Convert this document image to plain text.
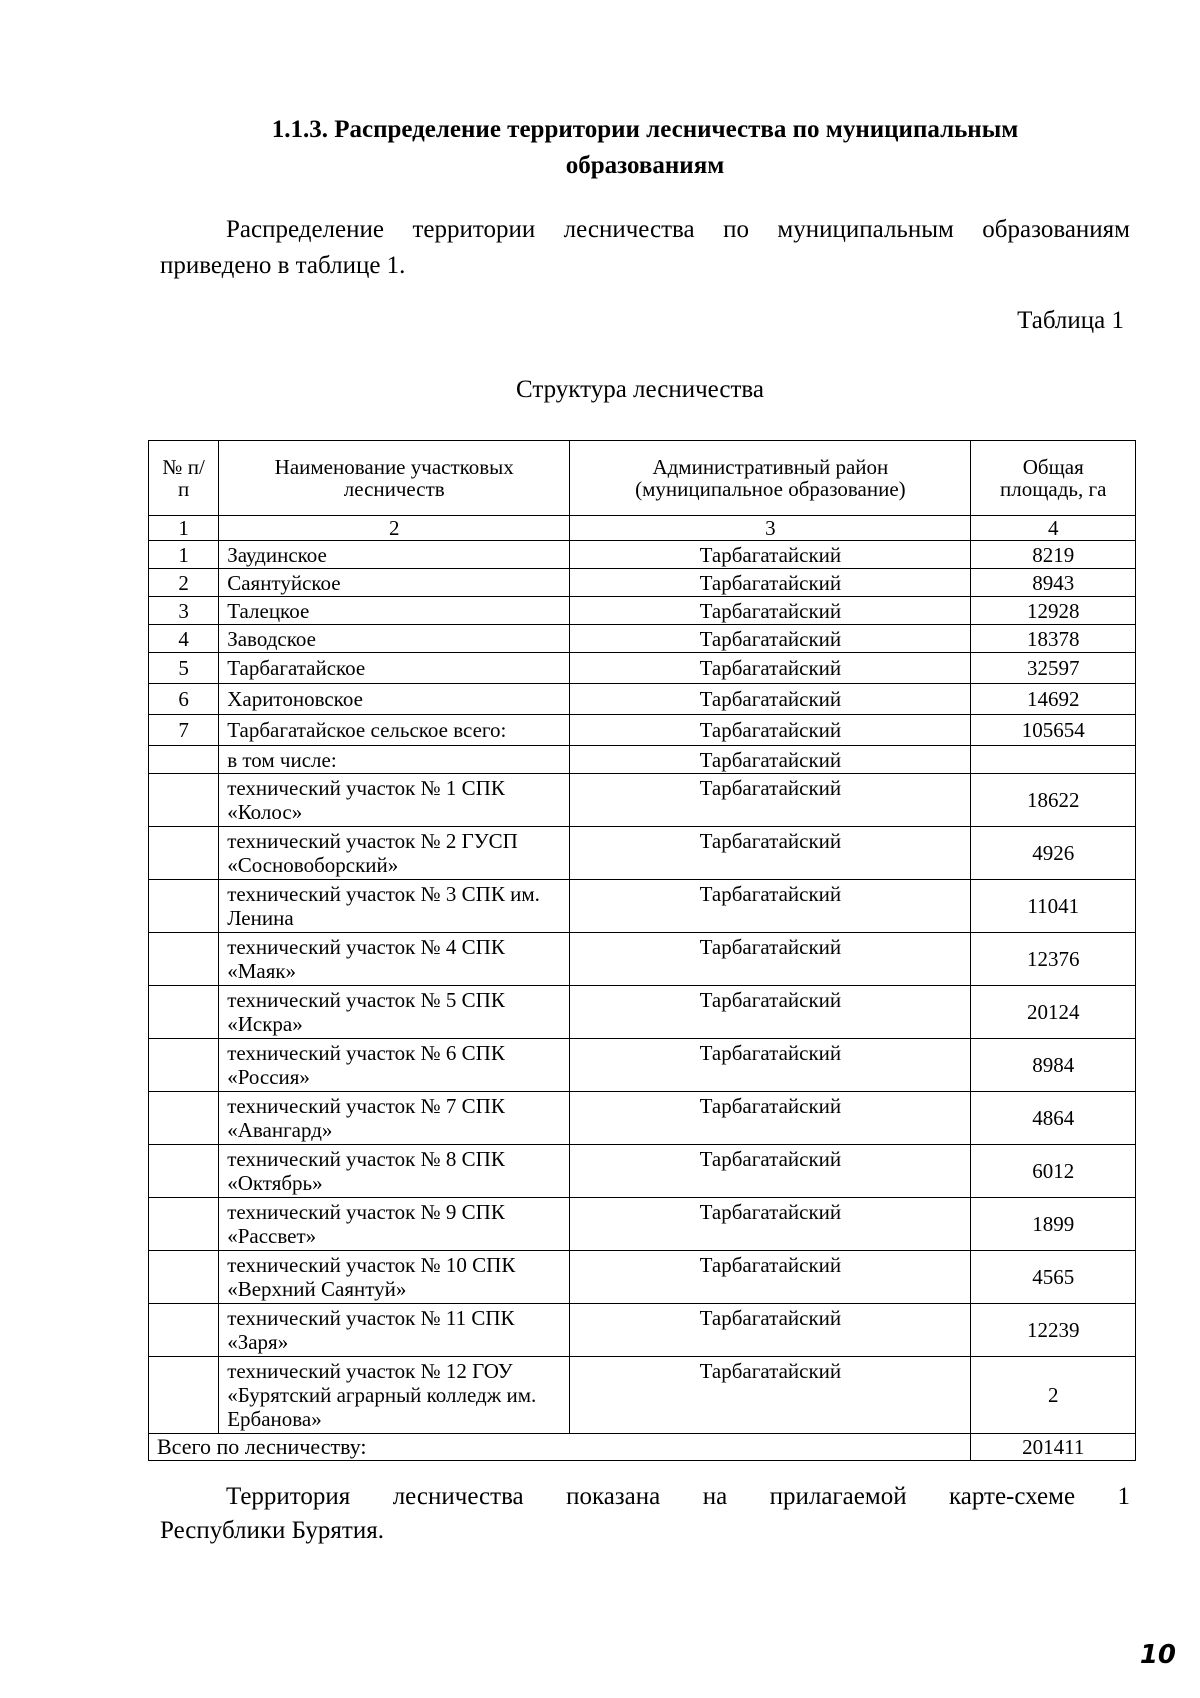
1.1.3. Распределение территории лесничества по муниципальным
образованиям

Распределение территории лесничества по муниципальным образованиям приведено в таблице 1.

Таблица 1
Структура лесничества
№ п/п	Наименование участковых лесничеств	Административный район (муниципальное образование)	Общая площадь, га
1	2	3	4
1	Заудинское	Тарбагатайский	8219
2	Саянтуйское	Тарбагатайский	8943
3	Талецкое	Тарбагатайский	12928
4	Заводское	Тарбагатайский	18378
5	Тарбагатайское	Тарбагатайский	32597
6	Харитоновское	Тарбагатайский	14692
7	Тарбагатайское сельское всего:	Тарбагатайский	105654
	в том числе:	Тарбагатайский	
	технический участок № 1 СПК «Колос»	Тарбагатайский	18622
	технический участок № 2 ГУСП «Сосновоборский»	Тарбагатайский	4926
	технический участок № 3 СПК им. Ленина	Тарбагатайский	11041
	технический участок № 4 СПК «Маяк»	Тарбагатайский	12376
	технический участок № 5 СПК «Искра»	Тарбагатайский	20124
	технический участок № 6 СПК «Россия»	Тарбагатайский	8984
	технический участок № 7 СПК «Авангард»	Тарбагатайский	4864
	технический участок № 8 СПК «Октябрь»	Тарбагатайский	6012
	технический участок № 9 СПК «Рассвет»	Тарбагатайский	1899
	технический участок № 10 СПК «Верхний Саянтуй»	Тарбагатайский	4565
	технический участок № 11 СПК «Заря»	Тарбагатайский	12239
	технический участок № 12 ГОУ «Бурятский аграрный колледж им. Ербанова»	Тарбагатайский	2
Всего по лесничеству:			201411
Территория лесничества показана на прилагаемой карте-схеме 1
Республики Бурятия.
10
